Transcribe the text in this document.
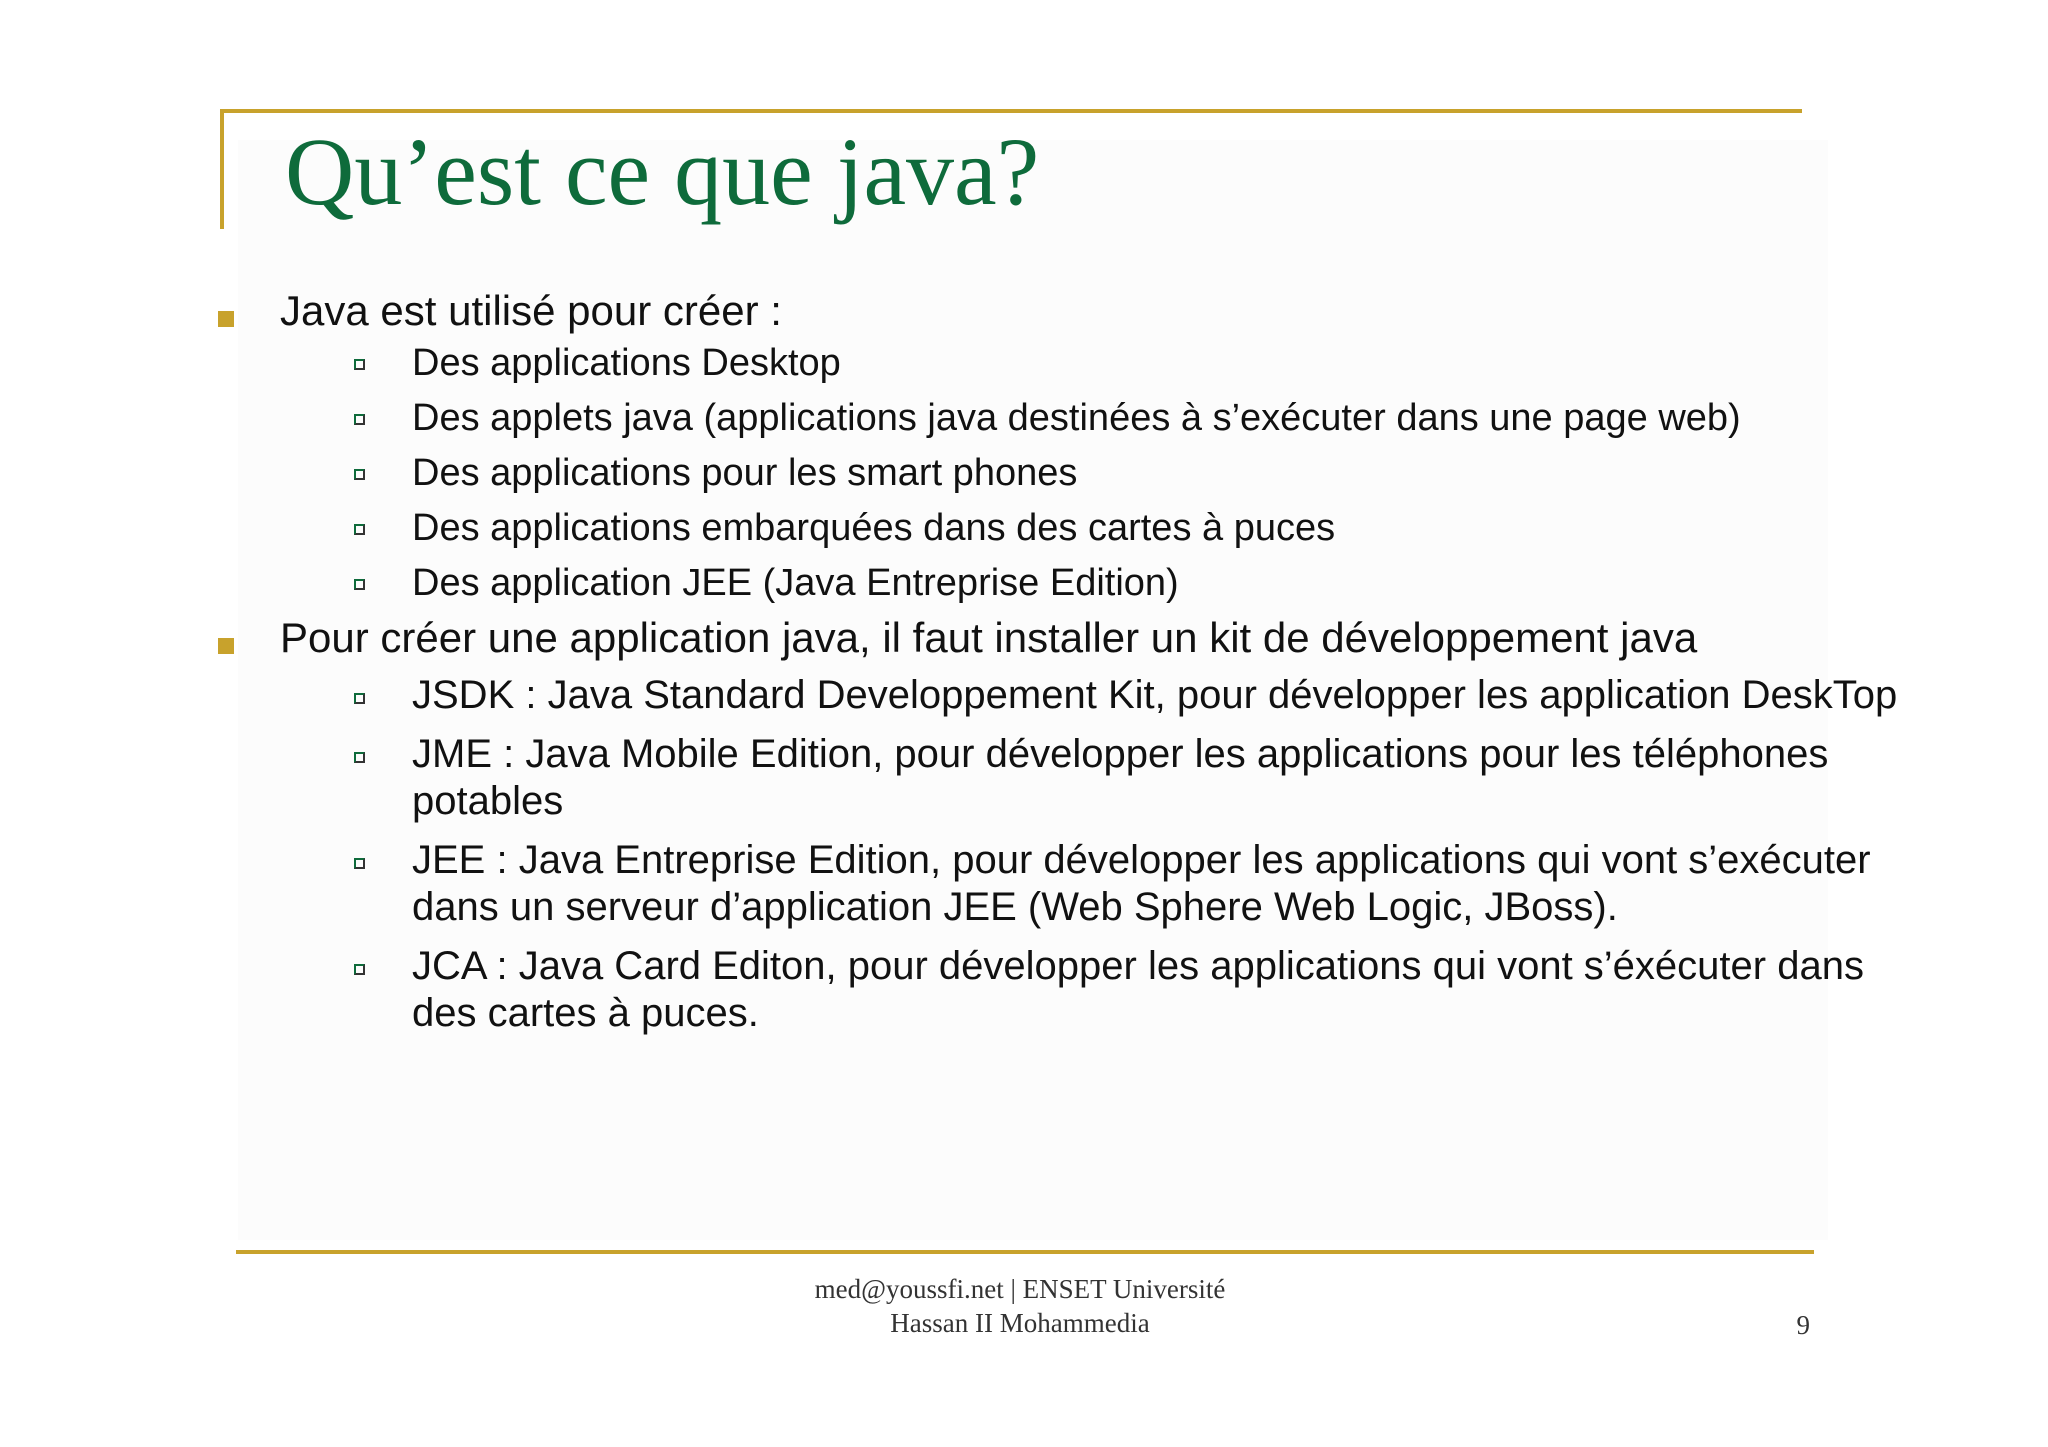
Qu’est ce que java?
Java est utilisé pour créer :
Des applications Desktop
Des applets java (applications java destinées à s’exécuter dans une page web)
Des applications pour les smart phones
Des applications embarquées dans des cartes à puces
Des application JEE (Java Entreprise Edition)
Pour créer une application java, il faut installer un kit de développement java
JSDK : Java Standard Developpement Kit, pour développer les application DeskTop
JME : Java Mobile Edition, pour développer les applications pour les téléphones potables
JEE : Java Entreprise Edition, pour développer les applications qui vont s’exécuter dans un serveur d’application JEE (Web Sphere Web Logic, JBoss).
JCA : Java Card Editon, pour développer les applications qui vont s’éxécuter dans des cartes à puces.
med@youssfi.net | ENSET Université
Hassan II Mohammedia	9
